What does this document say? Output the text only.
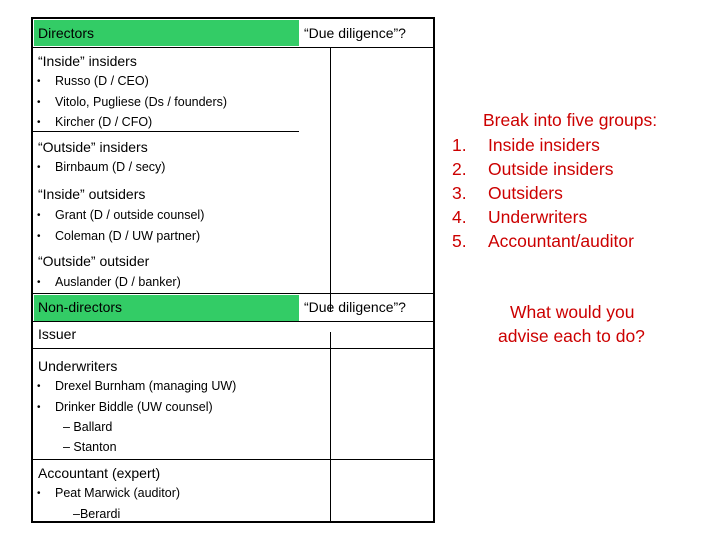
Directors	“Due diligence”?
“Inside” insiders
• Russo (D / CEO)
• Vitolo, Pugliese (Ds / founders)
• Kircher (D / CFO)
“Outside” insiders
• Birnbaum (D / secy)
“Inside” outsiders
• Grant (D / outside counsel)
• Coleman (D / UW partner)
“Outside” outsider
• Auslander (D / banker)
Non-directors	“Due diligence”?
Issuer
Underwriters
• Drexel Burnham (managing UW)
• Drinker Biddle (UW counsel)
– Ballard
– Stanton
Accountant (expert)
• Peat Marwick (auditor)
–Berardi
Break into five groups:
1. Inside insiders
2. Outside insiders
3. Outsiders
4. Underwriters
5. Accountant/auditor
What would you
advise each to do?
